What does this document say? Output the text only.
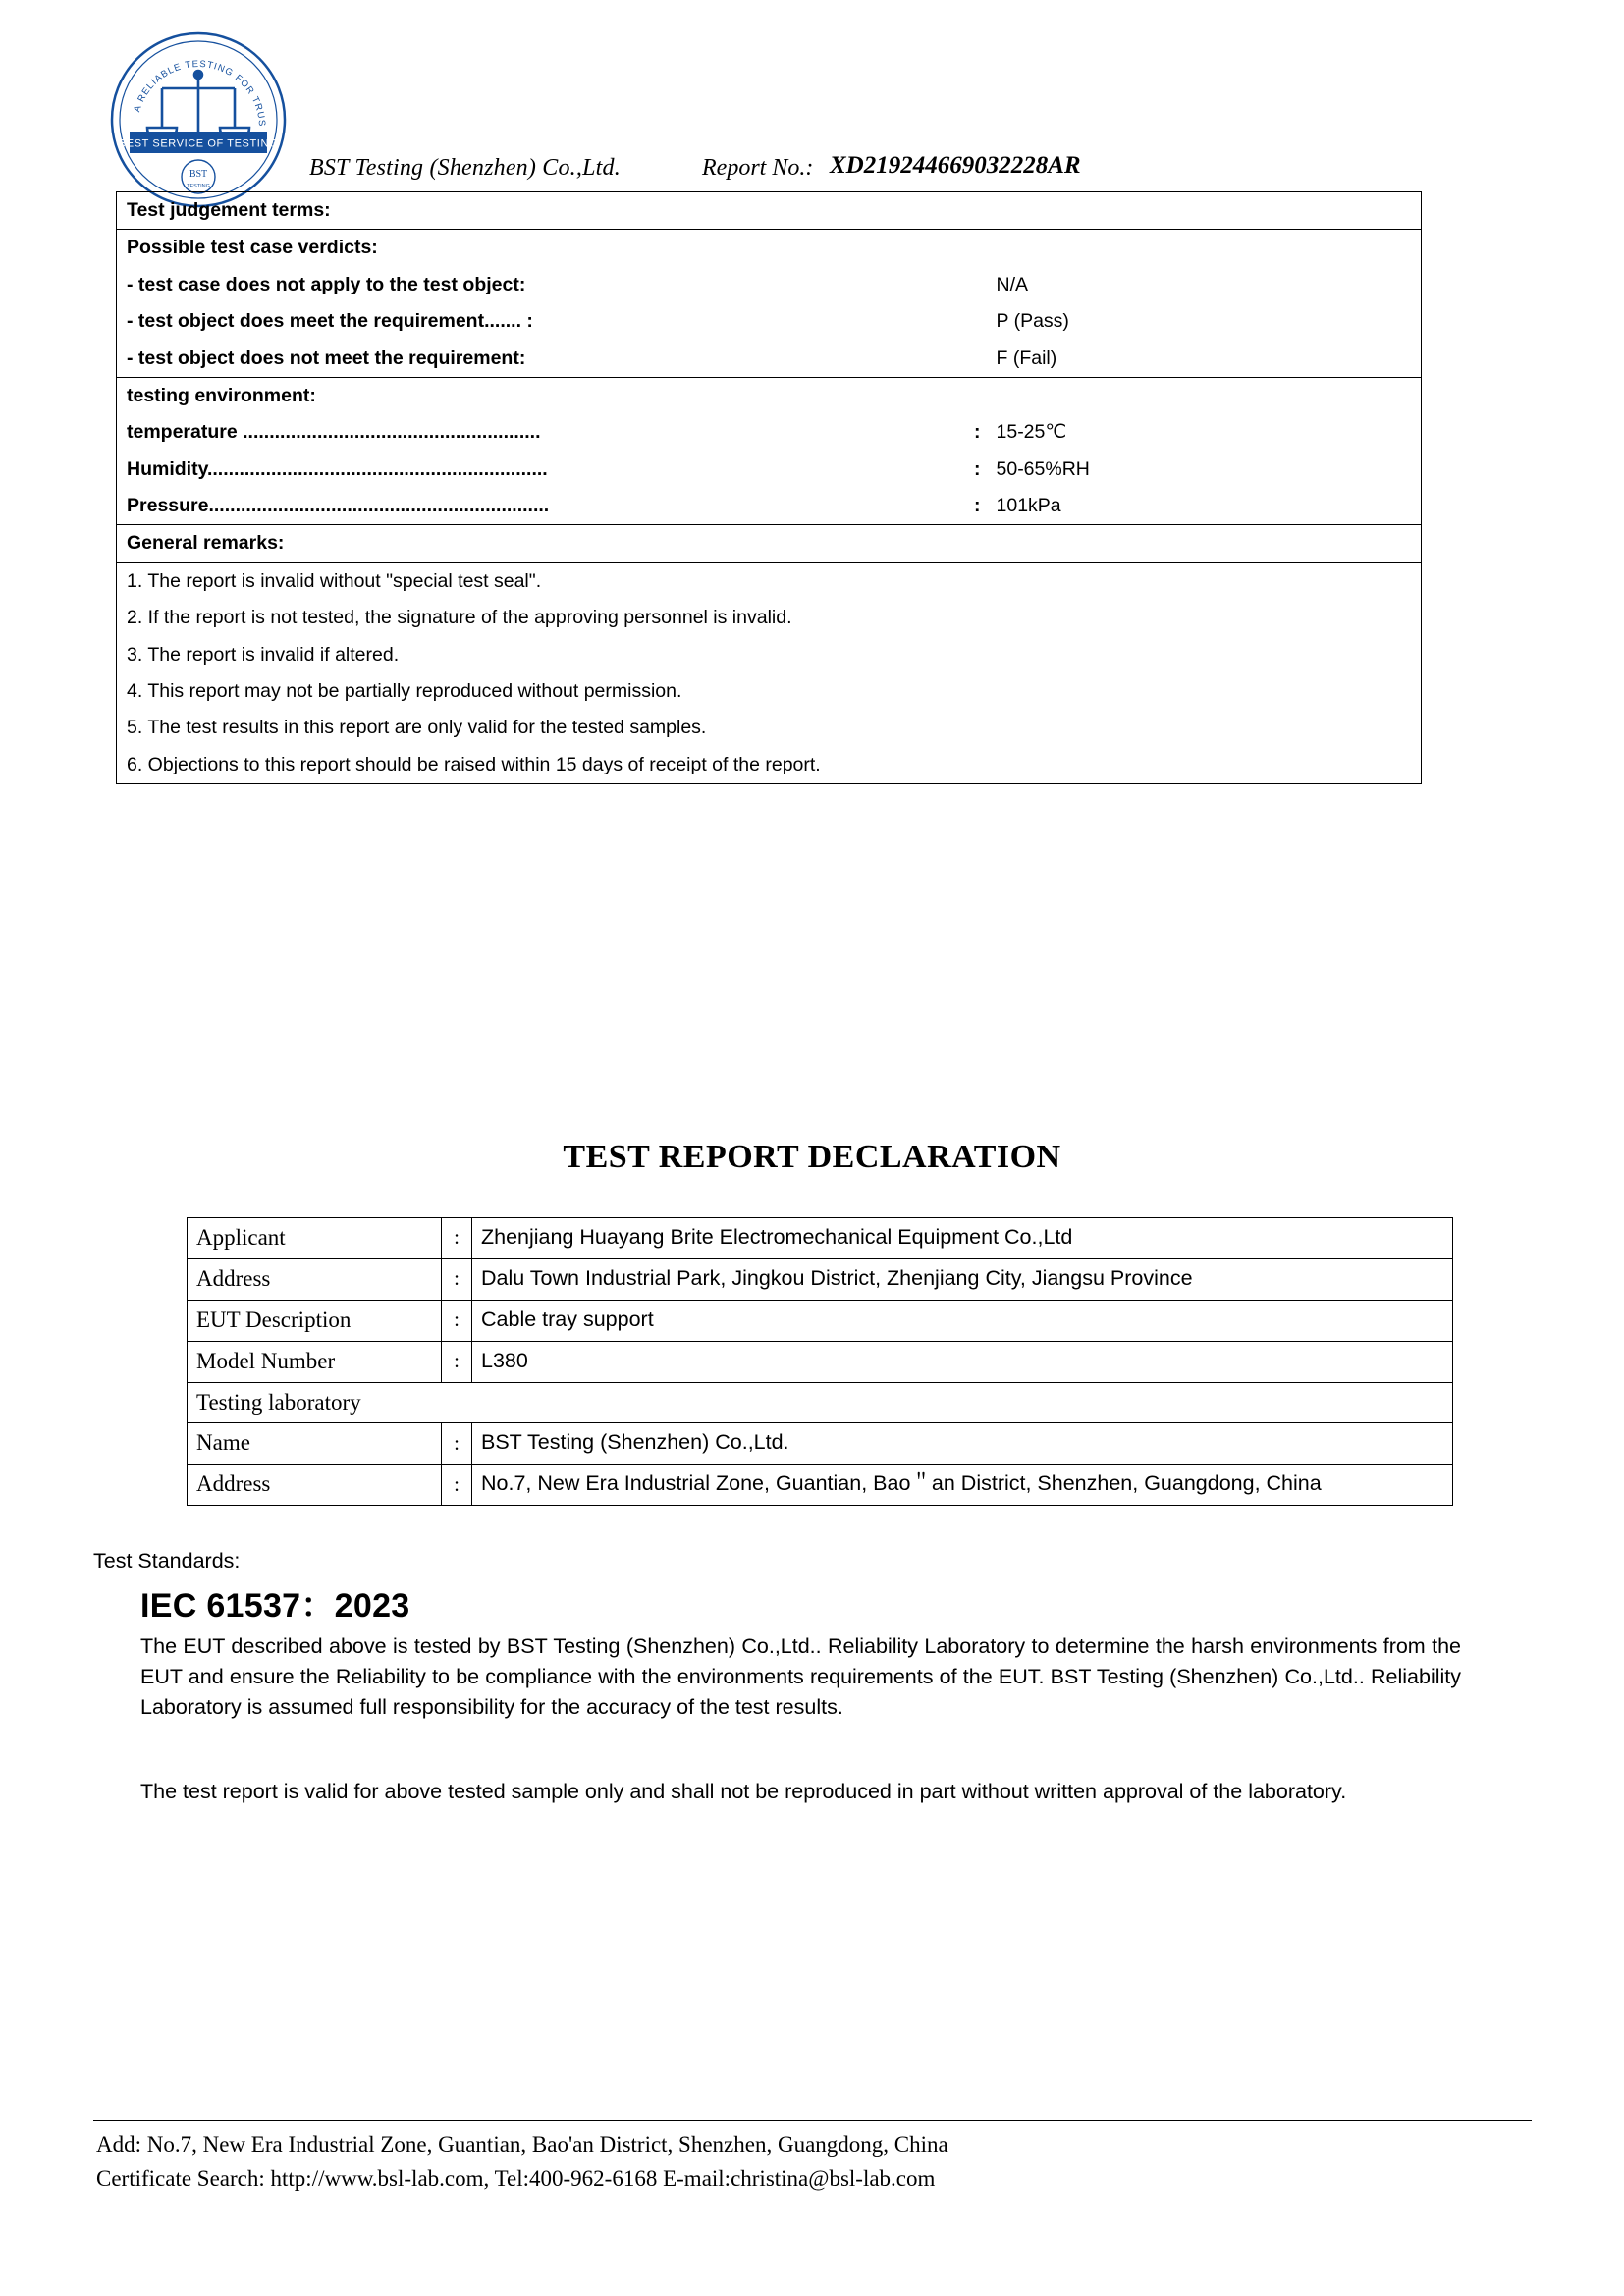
A RELIABLE TESTING FOR TRUS
BEST SERVICE OF TESTING
BST
TESTING
BST Testing (Shenzhen) Co.,Ltd.	Report No.: XD219244669032228AR
Test judgement terms:		
Possible test case verdicts:		
- test case does not apply to the test object:		N/A
- test object does meet the requirement....... :		P (Pass)
- test object does not meet the requirement:		F (Fail)
testing environment:		
temperature ........................................................	:	15-25℃
Humidity................................................................	:	50-65%RH
Pressure................................................................	:	101kPa
General remarks:		
1. The report is invalid without "special test seal".		
2. If the report is not tested, the signature of the approving personnel is invalid.		
3. The report is invalid if altered.		
4. This report may not be partially reproduced without permission.		
5. The test results in this report are only valid for the tested samples.		
6. Objections to this report should be raised within 15 days of receipt of the report.		
TEST REPORT DECLARATION
Applicant	:	Zhenjiang Huayang Brite Electromechanical Equipment Co.,Ltd
Address	:	Dalu Town Industrial Park, Jingkou District, Zhenjiang City, Jiangsu Province
EUT Description	:	Cable tray support
Model Number	:	L380
Testing laboratory		
Name	:	BST Testing (Shenzhen) Co.,Ltd.
Address	:	No.7, New Era Industrial Zone, Guantian, Bao＂an District, Shenzhen, Guangdong, China
Test Standards:
IEC 61537：2023
The EUT described above is tested by BST Testing (Shenzhen) Co.,Ltd.. Reliability Laboratory to determine the harsh environments from the EUT and ensure the Reliability to be compliance with the environments requirements of the EUT. BST Testing (Shenzhen) Co.,Ltd.. Reliability Laboratory is assumed full responsibility for the accuracy of the test results.
The test report is valid for above tested sample only and shall not be reproduced in part without written approval of the laboratory.
Add: No.7, New Era Industrial Zone, Guantian, Bao'an District, Shenzhen, Guangdong, China
Certificate Search: http://www.bsl-lab.com, Tel:400-962-6168 E-mail:christina@bsl-lab.com
